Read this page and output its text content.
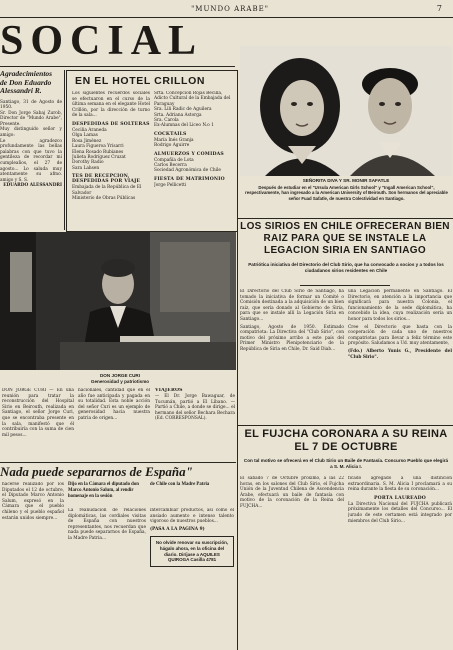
"MUNDO ARABE"	7
SOCIAL
Agradecimientos
de Don Eduardo
Alessandri R.
Santiago, 31 de Agosto de 1950.
Sr. Don Jorge Sabaj Zurob, Director de "Mundo Arabe", Presente.
Muy distinguido señor y amigo:
Le agradezco profundamente las bellas palabras con que tuvo la gentileza de recordar mi cumpleaños, el 27 de agosto... Lo saluda muy atentamente su afmo. amigo y S. S.
EDUARDO ALESSANDRI
EN EL HOTEL CRILLON
Los siguientes recuerdos sociales se efectuaron en el curso de la última semana en el elegante Hotel Crillón, por la dirección de turno de la sala...
DESPEDIDAS DE SOLTERAS
Cecilia Araneda
Olga Lamas
Rosa Jiménez
Laura Figueroa Yrisarri
Elena Rosado Rubianes
Julieta Rodríguez Cruzat
Dorothy Radio
Sara Lahsen
TES DE RECEPCION, DESPEDIDAS POR VIAJE
Embajada de la República de El Salvador
Ministerio de Obras Públicas
Srta. Concepción Rojas Becilla, Adicto Cultural de la Embajada del Paraguay
Sra. Lili Radic de Aguilera
Srta. Adriana Astorga
Sra. Carola
Ex-Alumnas del Liceo N.o 1
COCKTAILS
María Inés Granja
Rodrigo Aguirre
ALMUERZOS Y COMIDAS
Compañía de Lota
Carlos Becerra
Sociedad Agronómica de Chile
FIESTA DE MATRIMONIO
Jorge Pellicetti
SEÑORITA DIVA Y SR. MONIR SAFATLE
Después de estudiar en el "Ursula American Girls School" y "Ingall American School", respectivamente, han ingresado a la American University of Beirouth. Son hermanos del apreciable señor Fuad Safatle, de nuestra Colectividad en Santiago.
LOS SIRIOS EN CHILE OFRECERAN BIEN RAIZ PARA QUE SE INSTALE LA LEGACION SIRIA EN SANTIAGO
Patriótica iniciativa del Directorio del Club Sirio, que ha convocado a socios y a todos los ciudadanos sirios residentes en Chile

El Directorio del Club Sirio de Santiago, ha tomado la iniciativa de formar un Comité o Comisión destinada a la adquisición de un bien raíz, que sería donado al Gobierno de Siria, para que se instale allí la Legación Siria en Santiago...

Santiago, Agosto de 1950. Estimado compatriota: La Directiva del "Club Sirio", con motivo del próximo arribo a este país del Primer Ministro Plenipotenciario de la República de Siria en Chile, Dr. Said Diab...

una Legación permanente en Santiago. El Directorio, en atención a la importancia que significará para nuestra Colonia, el funcionamiento de la sede diplomática, ha concebido la idea, cuya realización sería un honor para todos los sirios...

Cree el Directorio que basta con la cooperación de cada uno de nuestros compatriotas para llevar a feliz término este propósito. Saludamos a Ud. muy atentamente,

(Fdo.) Alberto Yunis G., Presidente del "Club Sirio".

DON JORGE CURI
Generosidad y patriotismo
DON JORGE CURI — En una reunión para tratar la reconstrucción del Hospital Sirio en Beirouth, realizada en Santiago, el señor Jorge Curi, que se encontraba presente en la sala, manifestó que él contribuiría con la suma de cien mil pesos...
nacionales, cantidad que en el año fue anticipada y pagada en su totalidad. Esta noble acción del señor Curi es un ejemplo de generosidad hacia nuestra patria de origen...
VIAJEROS
— El Dr. Jorge Bawaguar, de Tucumán, partió a El Líbano. — Partió a Chile, a donde se dirige... el hermano del señor Bechara Bechara (Ed. CORRESPONSAL).
Nada puede separarnos de España"
Dijo en la Cámara el diputado don Marco Antonio Salum, al rendir homenaje en la sesión
de Chile con la Madre Patria
hacerse realizado por los Diputados el 12 de octubre, el Diputado Marco Antonio Salum, expresó en la Cámara que el pueblo chileno y el pueblo español estarán unidos siempre...
La reanudación de relaciones diplomáticas, las cordiales visitas de España con nuestros representantes, nos recuerdan que nada puede separarnos de España, la Madre Patria...
intercambiar productos, así como el ansiado aumento e intenso talento vigoroso de nuestros pueblos...
(PASA A LA PAGINA 9)
No olvide renovar su suscripción, hágalo ahora, en la oficina del diario. Diríjase a AQUILES QUIROGA Casilla 4781
EL FUJCHA CORONARA A SU REINA EL 7 DE OCTUBRE
Con tal motivo se ofrecerá en el Club Sirio un Baile de Fantasía. Concurso Pueblo que elegirá a S. M. Alicia I.
El sábado 7 de Octubre próximo, a las 22 horas, en los salones del Club Sirio, el Fujcha Unión de la Juventud Chilena de Ascendencia Árabe, efectuará un baile de fantasía con motivo de la coronación de la Reina del FUJCHA...
ficado agregado a una distinción extraordinaria. S. M. Alicia I proclamará a su reina durante la fiesta de su coronación...
PORTA LAUREADO
La Directiva Nacional del FUJCHA publicará próximamente los detalles del Concurso... El jurado de este certamen está integrado por miembros del Club Sirio...
